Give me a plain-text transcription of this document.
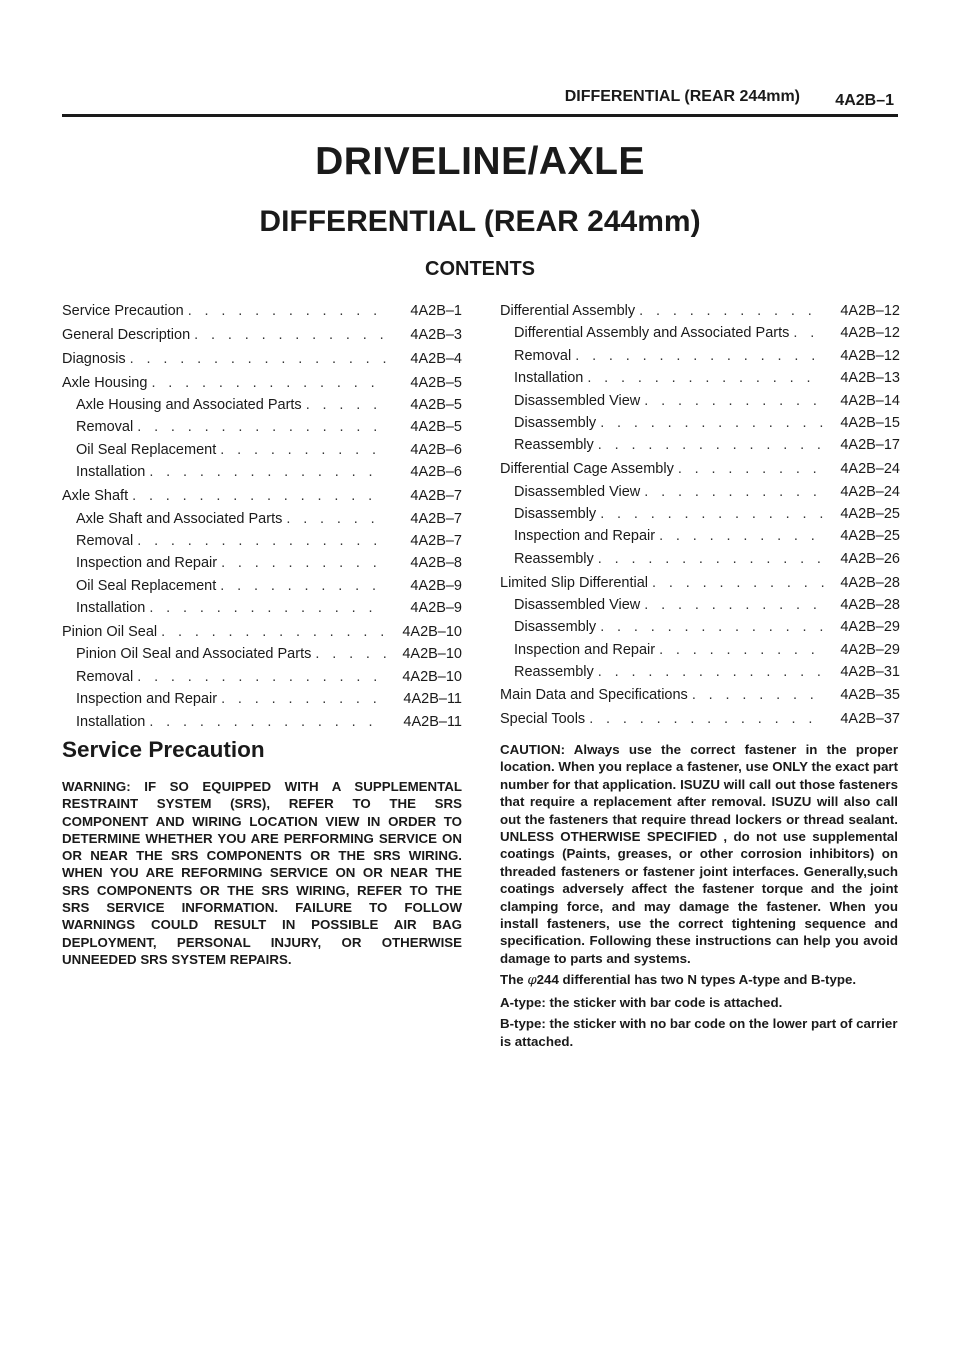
DIFFERENTIAL (REAR 244mm) 4A2B–1
DRIVELINE/AXLE
DIFFERENTIAL (REAR 244mm)
CONTENTS
Service Precaution . . .	4A2B–1
General Description . . .	4A2B–3
Diagnosis . . .	4A2B–4
Axle Housing . . .	4A2B–5
Axle Housing and Associated Parts . . .	4A2B–5
Removal . . .	4A2B–5
Oil Seal Replacement . . .	4A2B–6
Installation . . .	4A2B–6
Axle Shaft . . .	4A2B–7
Axle Shaft and Associated Parts . . .	4A2B–7
Removal . . .	4A2B–7
Inspection and Repair . . .	4A2B–8
Oil Seal Replacement . . .	4A2B–9
Installation . . .	4A2B–9
Pinion Oil Seal . . .	4A2B–10
Pinion Oil Seal and Associated Parts . . .	4A2B–10
Removal . . .	4A2B–10
Inspection and Repair . . .	4A2B–11
Installation . . .	4A2B–11
Differential Assembly . . .	4A2B–12
Differential Assembly and Associated Parts . . .	4A2B–12
Removal . . .	4A2B–12
Installation . . .	4A2B–13
Disassembled View . . .	4A2B–14
Disassembly . . .	4A2B–15
Reassembly . . .	4A2B–17
Differential Cage Assembly . . .	4A2B–24
Disassembled View . . .	4A2B–24
Disassembly . . .	4A2B–25
Inspection and Repair . . .	4A2B–25
Reassembly . . .	4A2B–26
Limited Slip Differential . . .	4A2B–28
Disassembled View . . .	4A2B–28
Disassembly . . .	4A2B–29
Inspection and Repair . . .	4A2B–29
Reassembly . . .	4A2B–31
Main Data and Specifications . . .	4A2B–35
Special Tools . . .	4A2B–37
Service Precaution
WARNING: IF SO EQUIPPED WITH A SUPPLEMENTAL RESTRAINT SYSTEM (SRS), REFER TO THE SRS COMPONENT AND WIRING LOCATION VIEW IN ORDER TO DETERMINE WHETHER YOU ARE PERFORMING SERVICE ON OR NEAR THE SRS COMPONENTS OR THE SRS WIRING. WHEN YOU ARE REFORMING SERVICE ON OR NEAR THE SRS COMPONENTS OR THE SRS WIRING, REFER TO THE SRS SERVICE INFORMATION. FAILURE TO FOLLOW WARNINGS COULD RESULT IN POSSIBLE AIR BAG DEPLOYMENT, PERSONAL INJURY, OR OTHERWISE UNNEEDED SRS SYSTEM REPAIRS.

CAUTION: Always use the correct fastener in the proper location. When you replace a fastener, use ONLY the exact part number for that application. ISUZU will call out those fasteners that require a replacement after removal. ISUZU will also call out the fasteners that require thread lockers or thread sealant. UNLESS OTHERWISE SPECIFIED , do not use supplemental coatings (Paints, greases, or other corrosion inhibitors) on threaded fasteners or fastener joint interfaces. Generally,such coatings adversely affect the fastener torque and the joint clamping force, and may damage the fastener. When you install fasteners, use the correct tightening sequence and specification. Following these instructions can help you avoid damage to parts and systems.

The φ244 differential has two N types A-type and B-type.

A-type: the sticker with bar code is attached.

B-type: the sticker with no bar code on the lower part of carrier is attached.
